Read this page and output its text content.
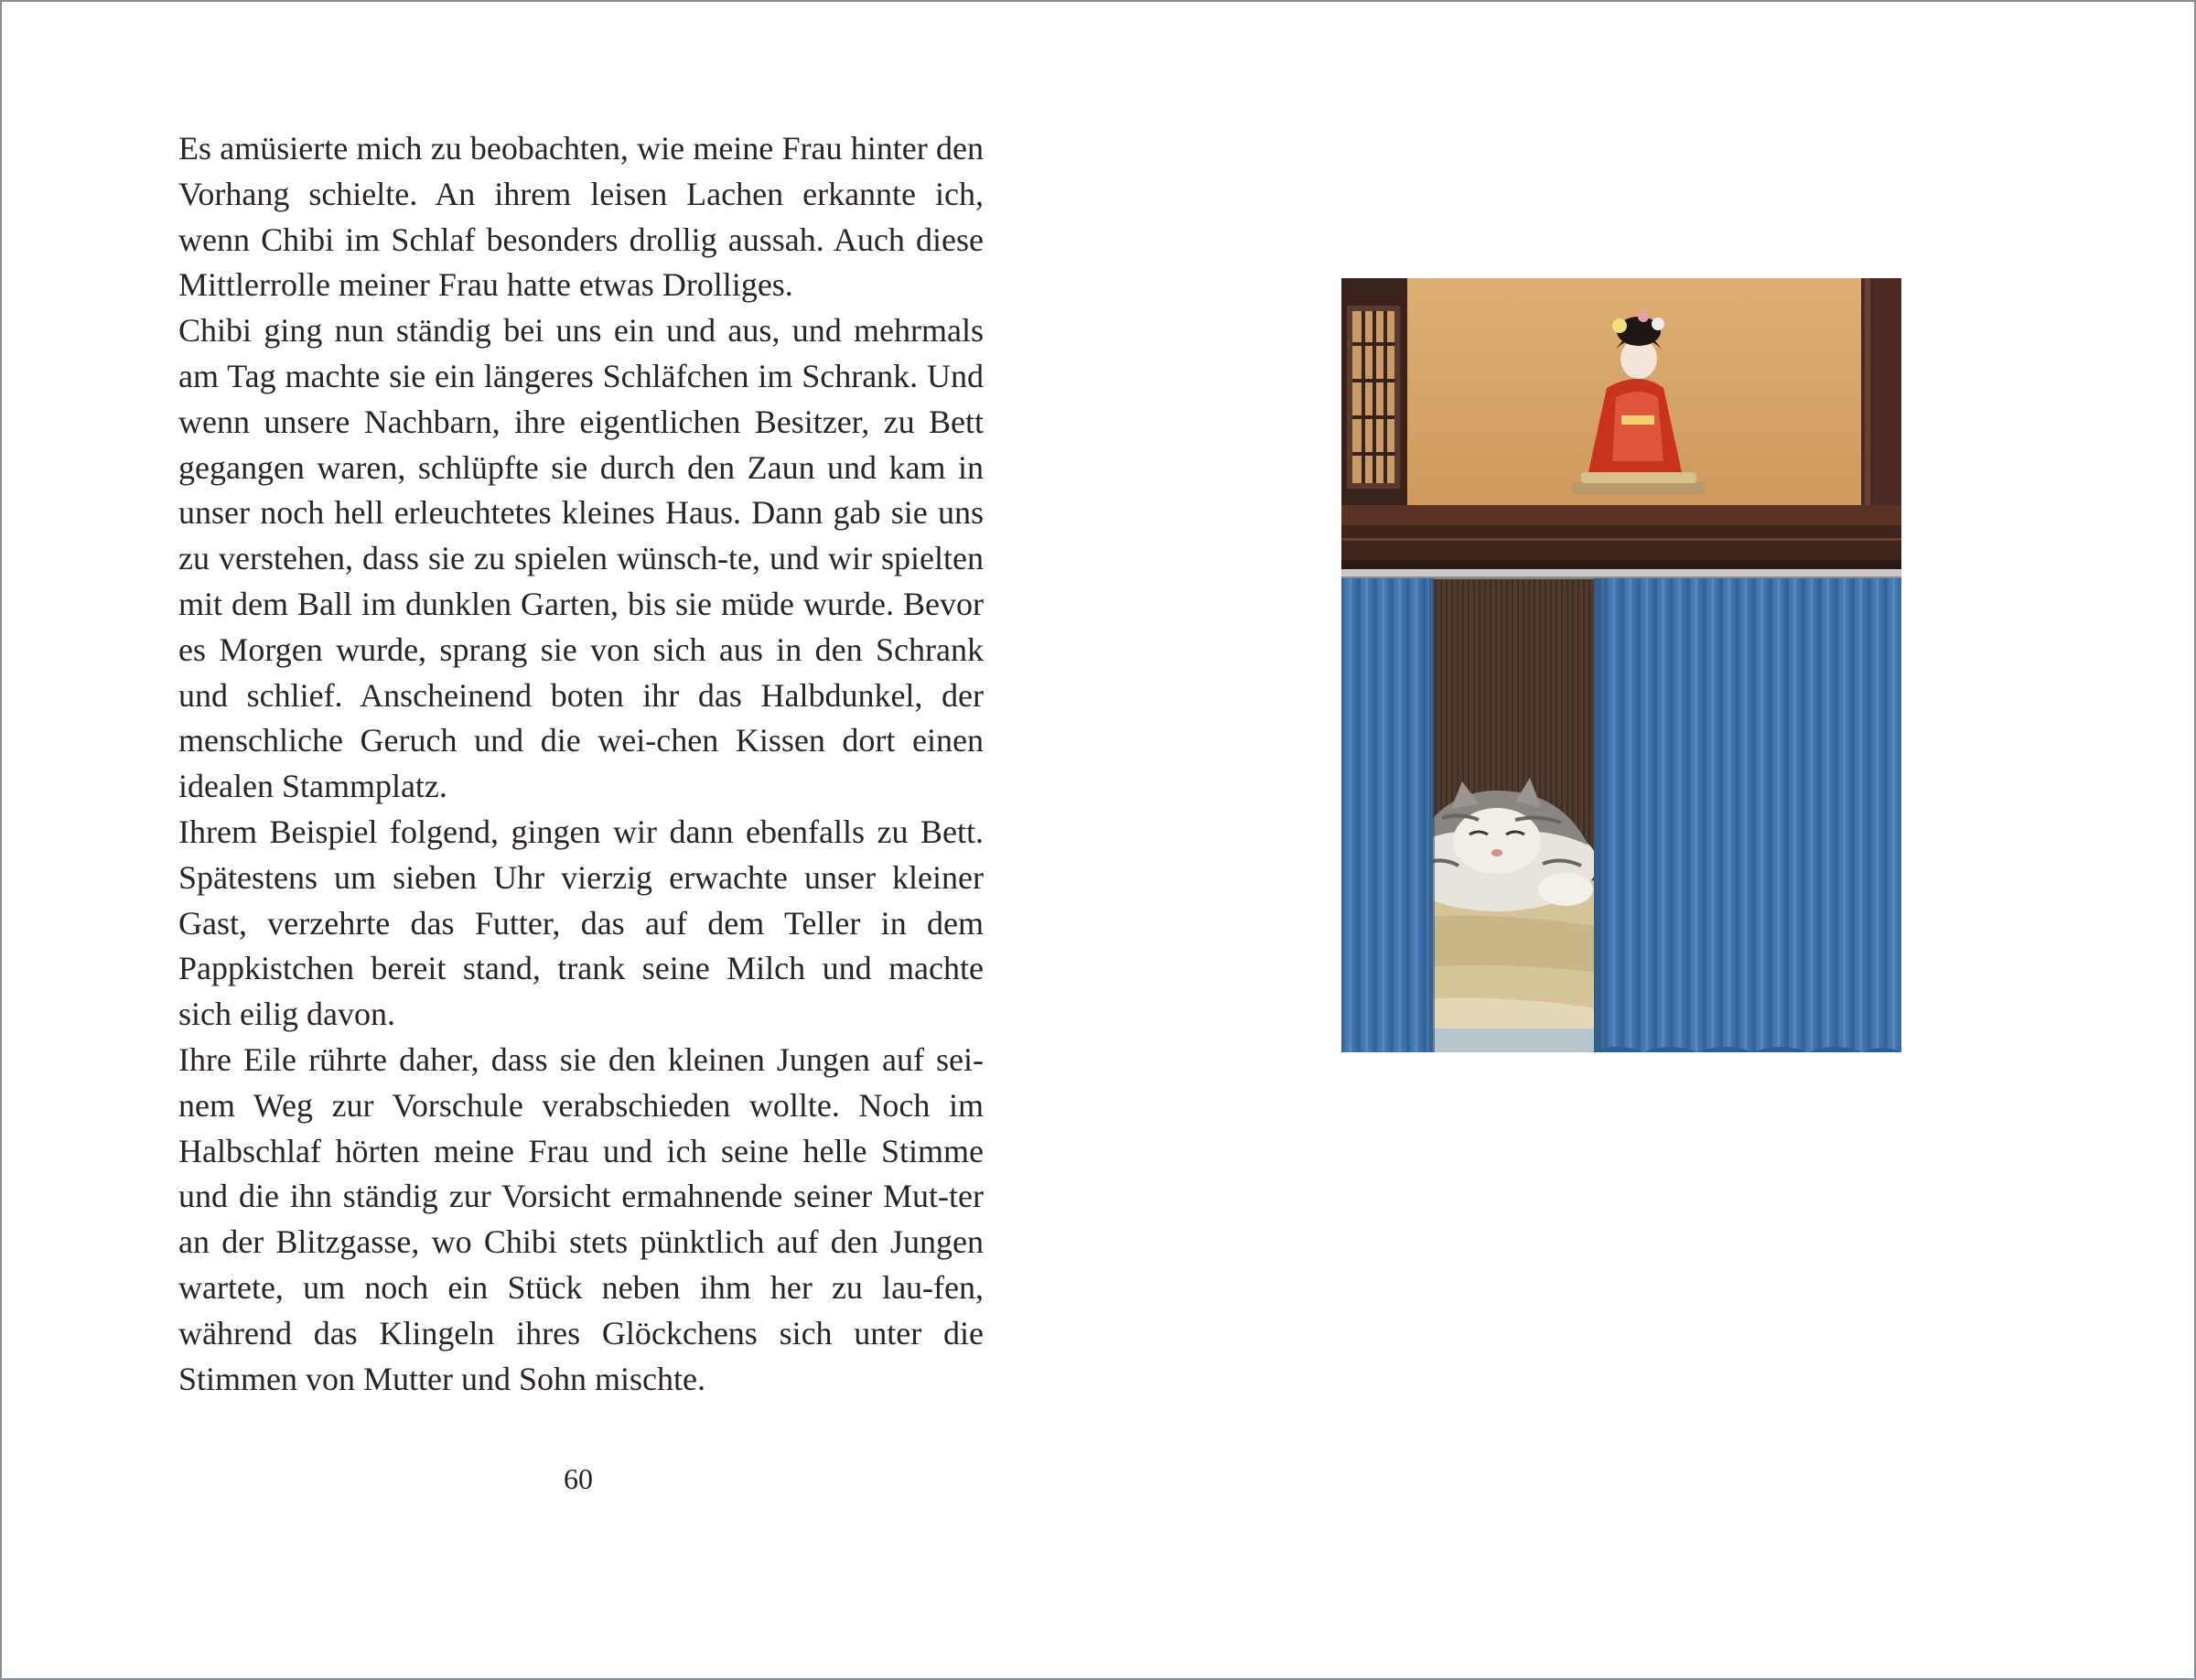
Es amüsierte mich zu beobachten, wie meine Frau hinter den Vorhang schielte. An ihrem leisen Lachen erkannte ich, wenn Chibi im Schlaf besonders drollig aussah. Auch diese Mittlerrolle meiner Frau hatte etwas Drolliges.

Chibi ging nun ständig bei uns ein und aus, und mehrmals am Tag machte sie ein längeres Schläfchen im Schrank. Und wenn unsere Nachbarn, ihre eigentlichen Besitzer, zu Bett gegangen waren, schlüpfte sie durch den Zaun und kam in unser noch hell erleuchtetes kleines Haus. Dann gab sie uns zu verstehen, dass sie zu spielen wünsch-te, und wir spielten mit dem Ball im dunklen Garten, bis sie müde wurde. Bevor es Morgen wurde, sprang sie von sich aus in den Schrank und schlief. Anscheinend boten ihr das Halbdunkel, der menschliche Geruch und die wei-chen Kissen dort einen idealen Stammplatz.

Ihrem Beispiel folgend, gingen wir dann ebenfalls zu Bett. Spätestens um sieben Uhr vierzig erwachte unser kleiner Gast, verzehrte das Futter, das auf dem Teller in dem Pappkistchen bereit stand, trank seine Milch und machte sich eilig davon.

Ihre Eile rührte daher, dass sie den kleinen Jungen auf sei-nem Weg zur Vorschule verabschieden wollte. Noch im Halbschlaf hörten meine Frau und ich seine helle Stimme und die ihn ständig zur Vorsicht ermahnende seiner Mut-ter an der Blitzgasse, wo Chibi stets pünktlich auf den Jungen wartete, um noch ein Stück neben ihm her zu lau-fen, während das Klingeln ihres Glöckchens sich unter die Stimmen von Mutter und Sohn mischte.

60
